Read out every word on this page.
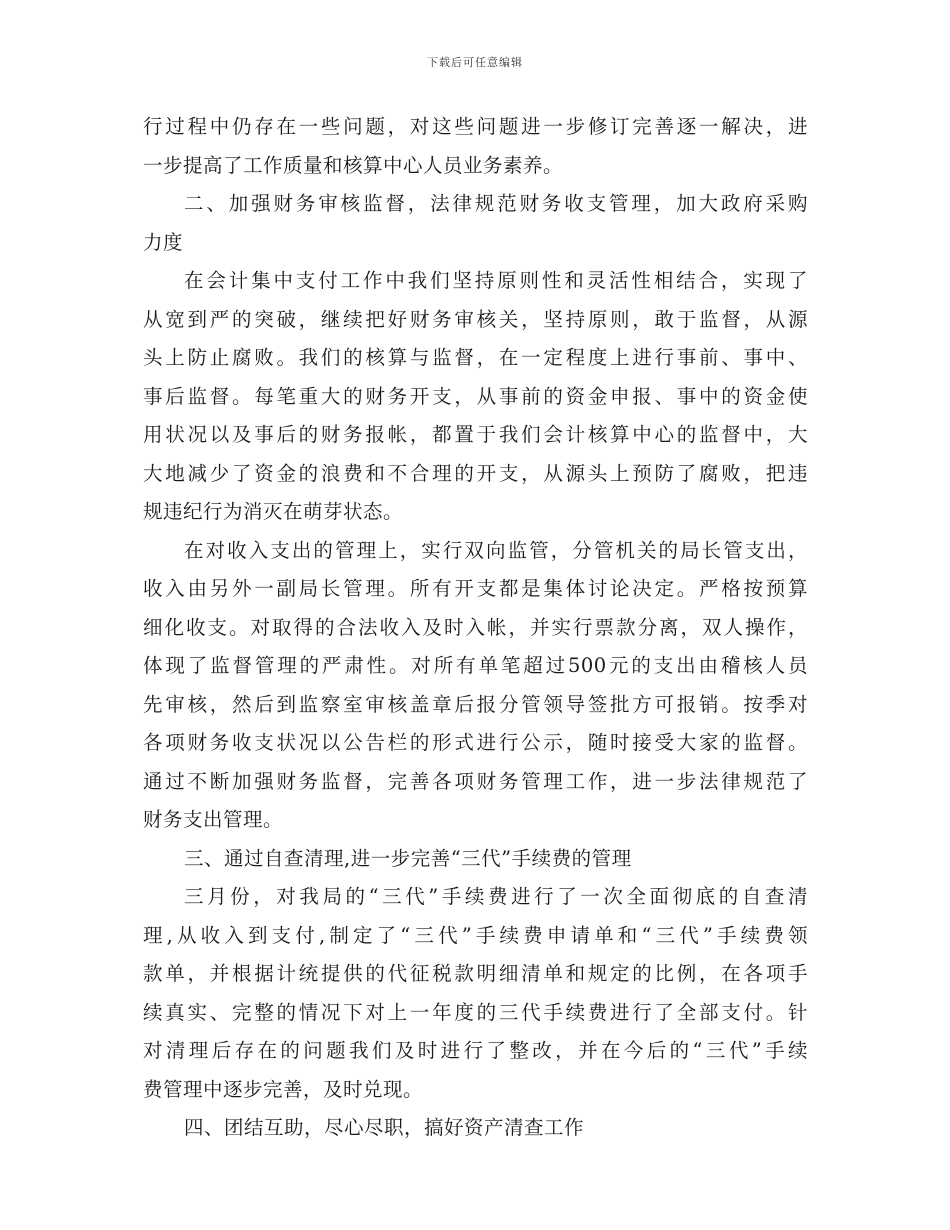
下载后可任意编辑
行过程中仍存在一些问题，对这些问题进一步修订完善逐一解决，进
一步提高了工作质量和核算中心人员业务素养。
二、加强财务审核监督，法律规范财务收支管理，加大政府采购
力度
在会计集中支付工作中我们坚持原则性和灵活性相结合，实现了
从宽到严的突破，继续把好财务审核关，坚持原则，敢于监督，从源
头上防止腐败。我们的核算与监督，在一定程度上进行事前、事中、
事后监督。每笔重大的财务开支，从事前的资金申报、事中的资金使
用状况以及事后的财务报帐，都置于我们会计核算中心的监督中，大
大地减少了资金的浪费和不合理的开支，从源头上预防了腐败，把违
规违纪行为消灭在萌芽状态。
在对收入支出的管理上，实行双向监管，分管机关的局长管支出，
收入由另外一副局长管理。所有开支都是集体讨论决定。严格按预算
细化收支。对取得的合法收入及时入帐，并实行票款分离，双人操作，
体现了监督管理的严肃性。对所有单笔超过500元的支出由稽核人员
先审核，然后到监察室审核盖章后报分管领导签批方可报销。按季对
各项财务收支状况以公告栏的形式进行公示，随时接受大家的监督。
通过不断加强财务监督，完善各项财务管理工作，进一步法律规范了
财务支出管理。
三、通过自查清理,进一步完善“三代”手续费的管理
三月份，对我局的“三代”手续费进行了一次全面彻底的自查清
理,从收入到支付,制定了“三代”手续费申请单和“三代”手续费领
款单，并根据计统提供的代征税款明细清单和规定的比例，在各项手
续真实、完整的情况下对上一年度的三代手续费进行了全部支付。针
对清理后存在的问题我们及时进行了整改，并在今后的“三代”手续
费管理中逐步完善，及时兑现。
四、团结互助，尽心尽职，搞好资产清查工作
